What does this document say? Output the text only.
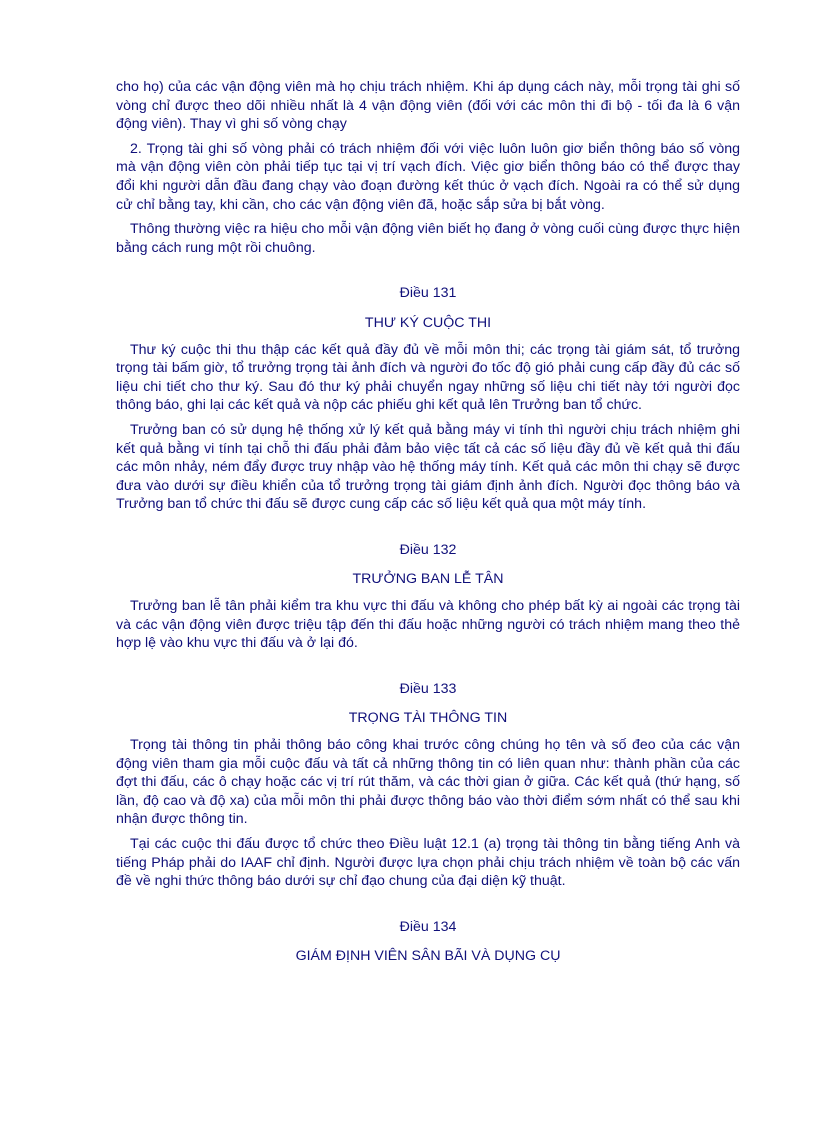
cho họ) của các vận động viên mà họ chịu trách nhiệm. Khi áp dụng cách này, mỗi trọng tài ghi số vòng chỉ được theo dõi nhiều nhất là 4 vận động viên (đối với các môn thi đi bộ - tối đa là 6 vận động viên). Thay vì ghi số vòng chạy

2. Trọng tài ghi số vòng phải có trách nhiệm đối với việc luôn luôn giơ biển thông báo số vòng mà vận động viên còn phải tiếp tục tại vị trí vạch đích. Việc giơ biển thông báo có thể được thay đổi khi người dẫn đầu đang chạy vào đoạn đường kết thúc ở vạch đích. Ngoài ra có thể sử dụng cử chỉ bằng tay, khi cần, cho các vận động viên đã, hoặc sắp sửa bị bắt vòng.

Thông thường việc ra hiệu cho mỗi vận động viên biết họ đang ở vòng cuối cùng được thực hiện bằng cách rung một rồi chuông.

Điều 131
THƯ KÝ CUỘC THI

Thư ký cuộc thi thu thập các kết quả đầy đủ về mỗi môn thi; các trọng tài giám sát, tổ trưởng trọng tài bấm giờ, tổ trưởng trọng tài ảnh đích và người đo tốc độ gió phải cung cấp đầy đủ các số liệu chi tiết cho thư ký. Sau đó thư ký phải chuyển ngay những số liệu chi tiết này tới người đọc thông báo, ghi lại các kết quả và nộp các phiếu ghi kết quả lên Trưởng ban tổ chức.

Trưởng ban có sử dụng hệ thống xử lý kết quả bằng máy vi tính thì người chịu trách nhiệm ghi kết quả bằng vi tính tại chỗ thi đấu phải đảm bảo việc tất cả các số liệu đầy đủ về kết quả thi đấu các môn nhảy, ném đẩy được truy nhập vào hệ thống máy tính. Kết quả các môn thi chạy sẽ được đưa vào dưới sự điều khiển của tổ trưởng trọng tài giám định ảnh đích. Người đọc thông báo và Trưởng ban tổ chức thi đấu sẽ được cung cấp các số liệu kết quả qua một máy tính.

Điều 132
TRƯỞNG BAN LỄ TÂN

Trưởng ban lễ tân phải kiểm tra khu vực thi đấu và không cho phép bất kỳ ai ngoài các trọng tài và các vận động viên được triệu tập đến thi đấu hoặc những người có trách nhiệm mang theo thẻ hợp lệ vào khu vực thi đấu và ở lại đó.

Điều 133
TRỌNG TÀI THÔNG TIN

Trọng tài thông tin phải thông báo công khai trước công chúng họ tên và số đeo của các vận động viên tham gia mỗi cuộc đấu và tất cả những thông tin có liên quan như: thành phần của các đợt thi đấu, các ô chạy hoặc các vị trí rút thăm, và các thời gian ở giữa. Các kết quả (thứ hạng, số lần, độ cao và độ xa) của mỗi môn thi phải được thông báo vào thời điểm sớm nhất có thể sau khi nhận được thông tin.

Tại các cuộc thi đấu được tổ chức theo Điều luật 12.1 (a) trọng tài thông tin bằng tiếng Anh và tiếng Pháp phải do IAAF chỉ định. Người được lựa chọn phải chịu trách nhiệm về toàn bộ các vấn đề về nghi thức thông báo dưới sự chỉ đạo chung của đại diện kỹ thuật.

Điều 134
GIÁM ĐỊNH VIÊN SÂN BÃI VÀ DỤNG CỤ
